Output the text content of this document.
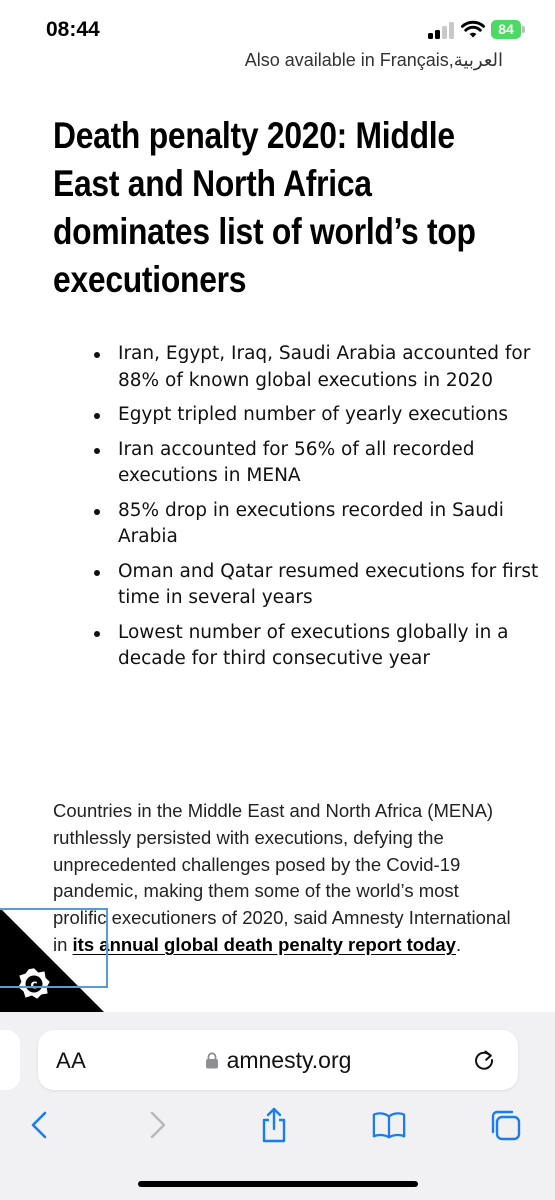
08:44	84
Also available in Français,العربية
Death penalty 2020: Middle East and North Africa dominates list of world’s top executioners
Iran, Egypt, Iraq, Saudi Arabia accounted for 88% of known global executions in 2020
Egypt tripled number of yearly executions
Iran accounted for 56% of all recorded executions in MENA
85% drop in executions recorded in Saudi Arabia
Oman and Qatar resumed executions for first time in several years
Lowest number of executions globally in a decade for third consecutive year

Countries in the Middle East and North Africa (MENA) ruthlessly persisted with executions, defying the unprecedented challenges posed by the Covid-19 pandemic, making them some of the world’s most prolific executioners of 2020, said Amnesty International in its annual global death penalty report today.

c
AA	amnesty.org
